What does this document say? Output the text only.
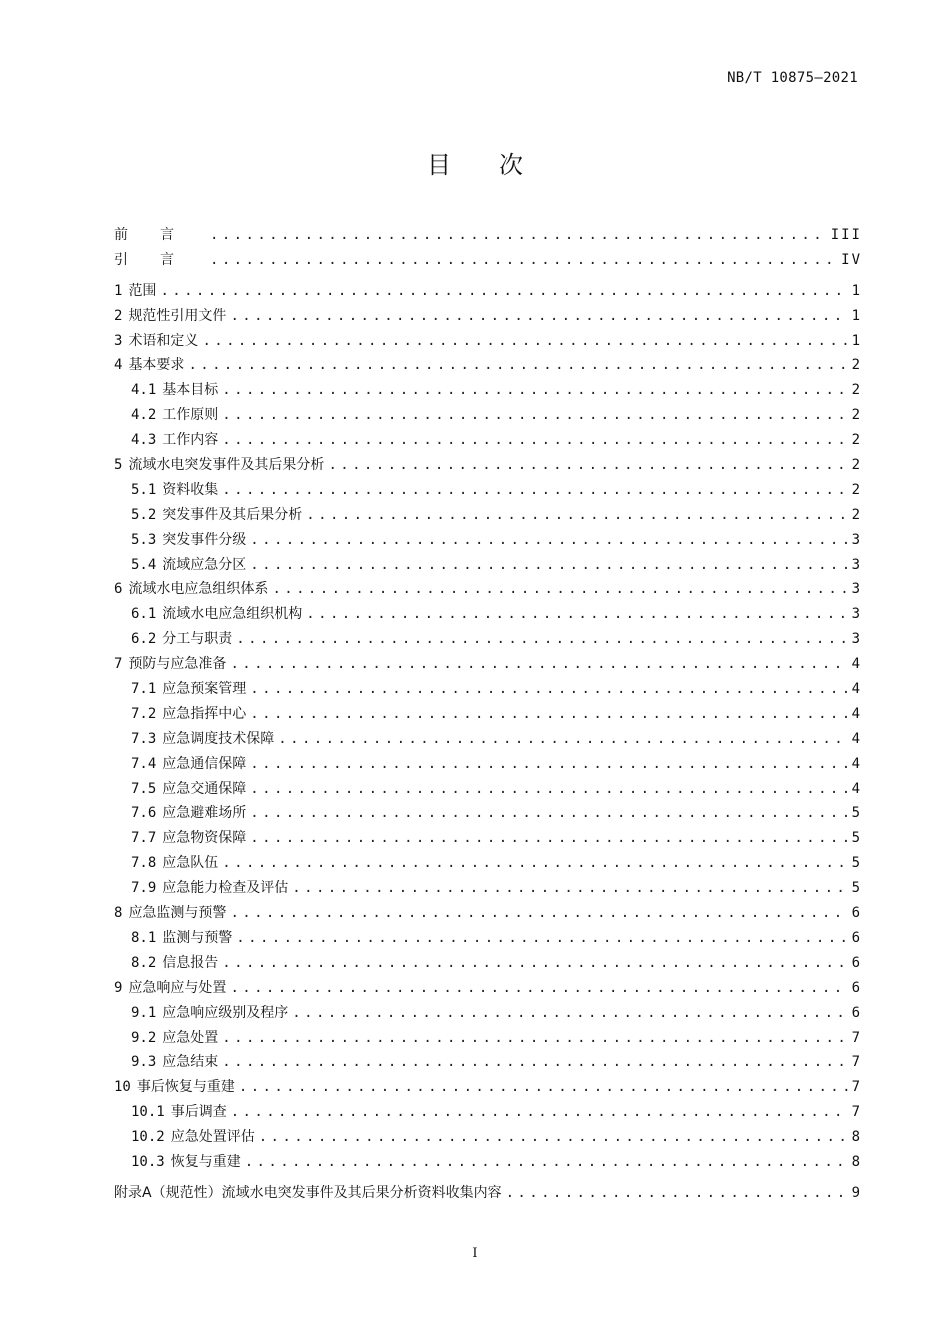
NB/T 10875—2021
目 次
前言 .....	III
引言 .....	IV
1 范围 .....	1
2 规范性引用文件 .....	1
3 术语和定义 .....	1
4 基本要求 .....	2
4.1 基本目标 .....	2
4.2 工作原则 .....	2
4.3 工作内容 .....	2
5 流域水电突发事件及其后果分析 .....	2
5.1 资料收集 .....	2
5.2 突发事件及其后果分析 .....	2
5.3 突发事件分级 .....	3
5.4 流域应急分区 .....	3
6 流域水电应急组织体系 .....	3
6.1 流域水电应急组织机构 .....	3
6.2 分工与职责 .....	3
7 预防与应急准备 .....	4
7.1 应急预案管理 .....	4
7.2 应急指挥中心 .....	4
7.3 应急调度技术保障 .....	4
7.4 应急通信保障 .....	4
7.5 应急交通保障 .....	4
7.6 应急避难场所 .....	5
7.7 应急物资保障 .....	5
7.8 应急队伍 .....	5
7.9 应急能力检查及评估 .....	5
8 应急监测与预警 .....	6
8.1 监测与预警 .....	6
8.2 信息报告 .....	6
9 应急响应与处置 .....	6
9.1 应急响应级别及程序 .....	6
9.2 应急处置 .....	7
9.3 应急结束 .....	7
10 事后恢复与重建 .....	7
10.1 事后调查 .....	7
10.2 应急处置评估 .....	8
10.3 恢复与重建 .....	8
附录A（规范性）流域水电突发事件及其后果分析资料收集内容 .....	9
I
